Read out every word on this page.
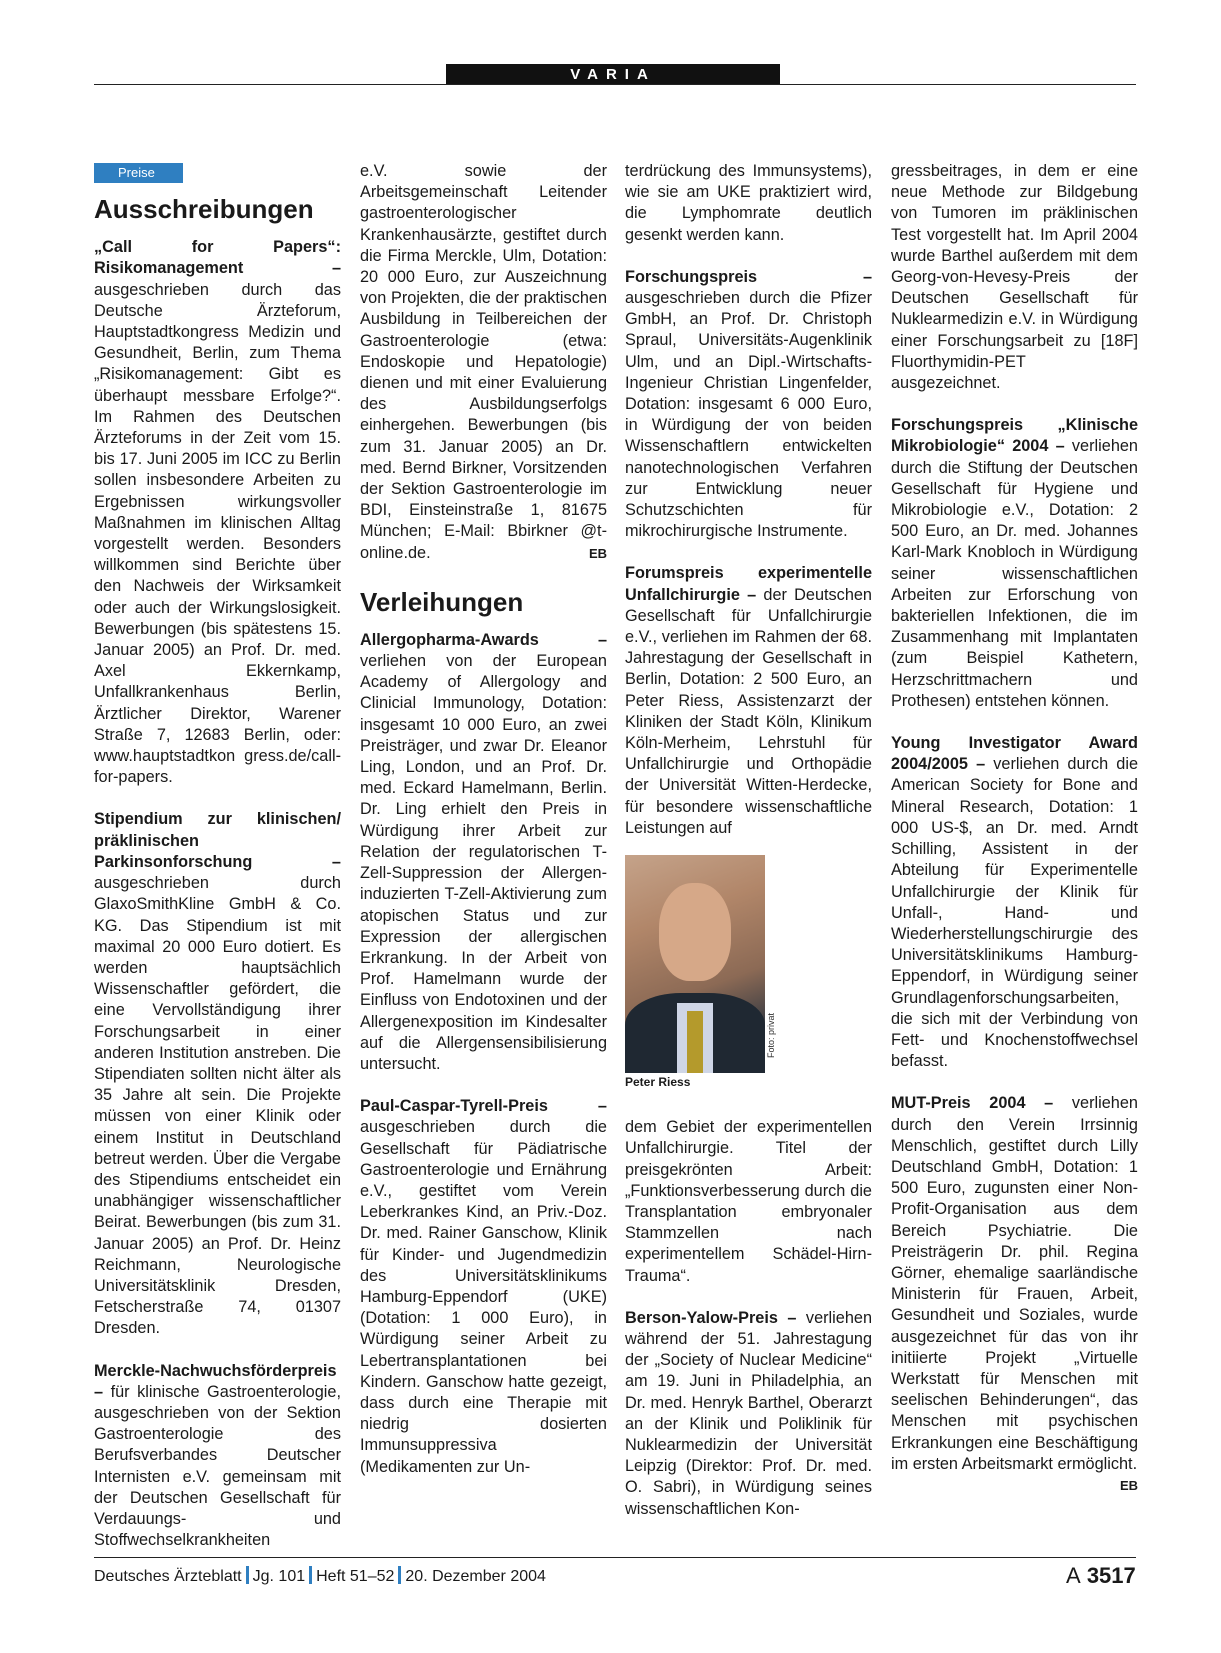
VARIA
Preise
Ausschreibungen

„Call for Papers“: Risikomanagement – ausgeschrieben durch das Deutsche Ärzteforum, Hauptstadtkongress Medizin und Gesundheit, Berlin, zum Thema „Risikomanagement: Gibt es überhaupt messbare Erfolge?“. Im Rahmen des Deutschen Ärzteforums in der Zeit vom 15. bis 17. Juni 2005 im ICC zu Berlin sollen insbesondere Arbeiten zu Ergebnissen wirkungsvoller Maßnahmen im klinischen Alltag vorgestellt werden. Besonders willkommen sind Berichte über den Nachweis der Wirksamkeit oder auch der Wirkungslosigkeit. Bewerbungen (bis spätestens 15. Januar 2005) an Prof. Dr. med. Axel Ekkernkamp, Unfallkrankenhaus Berlin, Ärztlicher Direktor, Warener Straße 7, 12683 Berlin, oder: www.hauptstadtkon gress.de/call-for-papers.

Stipendium zur klinischen/ präklinischen Parkinsonforschung – ausgeschrieben durch GlaxoSmithKline GmbH & Co. KG. Das Stipendium ist mit maximal 20 000 Euro dotiert. Es werden hauptsächlich Wissenschaftler gefördert, die eine Vervollständigung ihrer Forschungsarbeit in einer anderen Institution anstreben. Die Stipendiaten sollten nicht älter als 35 Jahre alt sein. Die Projekte müssen von einer Klinik oder einem Institut in Deutschland betreut werden. Über die Vergabe des Stipendiums entscheidet ein unabhängiger wissenschaftlicher Beirat. Bewerbungen (bis zum 31. Januar 2005) an Prof. Dr. Heinz Reichmann, Neurologische Universitätsklinik Dresden, Fetscherstraße 74, 01307 Dresden.

Merckle-Nachwuchsförderpreis – für klinische Gastroenterologie, ausgeschrieben von der Sektion Gastroenterologie des Berufsverbandes Deutscher Internisten e.V. gemeinsam mit der Deutschen Gesellschaft für Verdauungs- und Stoffwechselkrankheiten

e.V. sowie der Arbeitsgemeinschaft Leitender gastroenterologischer Krankenhausärzte, gestiftet durch die Firma Merckle, Ulm, Dotation: 20 000 Euro, zur Auszeichnung von Projekten, die der praktischen Ausbildung in Teilbereichen der Gastroenterologie (etwa: Endoskopie und Hepatologie) dienen und mit einer Evaluierung des Ausbildungserfolgs einhergehen. Bewerbungen (bis zum 31. Januar 2005) an Dr. med. Bernd Birkner, Vorsitzenden der Sektion Gastroenterologie im BDI, Einsteinstraße 1, 81675 München; E-Mail: Bbirkner @t-online.de.	EB

Verleihungen

Allergopharma-Awards – verliehen von der European Academy of Allergology and Clinicial Immunology, Dotation: insgesamt 10 000 Euro, an zwei Preisträger, und zwar Dr. Eleanor Ling, London, und an Prof. Dr. med. Eckard Hamelmann, Berlin. Dr. Ling erhielt den Preis in Würdigung ihrer Arbeit zur Relation der regulatorischen T-Zell-Suppression der Allergen-induzierten T-Zell-Aktivierung zum atopischen Status und zur Expression der allergischen Erkrankung. In der Arbeit von Prof. Hamelmann wurde der Einfluss von Endotoxinen und der Allergenexposition im Kindesalter auf die Allergensensibilisierung untersucht.

Paul-Caspar-Tyrell-Preis – ausgeschrieben durch die Gesellschaft für Pädiatrische Gastroenterologie und Ernährung e.V., gestiftet vom Verein Leberkrankes Kind, an Priv.-Doz. Dr. med. Rainer Ganschow, Klinik für Kinder- und Jugendmedizin des Universitätsklinikums Hamburg-Eppendorf (UKE) (Dotation: 1 000 Euro), in Würdigung seiner Arbeit zu Lebertransplantationen bei Kindern. Ganschow hatte gezeigt, dass durch eine Therapie mit niedrig dosierten Immunsuppressiva (Medikamenten zur Un-

terdrückung des Immunsystems), wie sie am UKE praktiziert wird, die Lymphomrate deutlich gesenkt werden kann.

Forschungspreis – ausgeschrieben durch die Pfizer GmbH, an Prof. Dr. Christoph Spraul, Universitäts-Augenklinik Ulm, und an Dipl.-Wirtschafts-Ingenieur Christian Lingenfelder, Dotation: insgesamt 6 000 Euro, in Würdigung der von beiden Wissenschaftlern entwickelten nanotechnologischen Verfahren zur Entwicklung neuer Schutzschichten für mikrochirurgische Instrumente.

Forumspreis experimentelle Unfallchirurgie – der Deutschen Gesellschaft für Unfallchirurgie e.V., verliehen im Rahmen der 68. Jahrestagung der Gesellschaft in Berlin, Dotation: 2 500 Euro, an Peter Riess, Assistenzarzt der Kliniken der Stadt Köln, Klinikum Köln-Merheim, Lehrstuhl für Unfallchirurgie und Orthopädie der Universität Witten-Herdecke, für besondere wissenschaftliche Leistungen auf

Peter Riess

dem Gebiet der experimentellen Unfallchirurgie. Titel der preisgekrönten Arbeit: „Funktionsverbesserung durch die Transplantation embryonaler Stammzellen nach experimentellem Schädel-Hirn-Trauma“.

Berson-Yalow-Preis – verliehen während der 51. Jahrestagung der „Society of Nuclear Medicine“ am 19. Juni in Philadelphia, an Dr. med. Henryk Barthel, Oberarzt an der Klinik und Poliklinik für Nuklearmedizin der Universität Leipzig (Direktor: Prof. Dr. med. O. Sabri), in Würdigung seines wissenschaftlichen Kon-

Foto: privat

gressbeitrages, in dem er eine neue Methode zur Bildgebung von Tumoren im präklinischen Test vorgestellt hat. Im April 2004 wurde Barthel außerdem mit dem Georg-von-Hevesy-Preis der Deutschen Gesellschaft für Nuklearmedizin e.V. in Würdigung einer Forschungsarbeit zu [18F] Fluorthymidin-PET ausgezeichnet.

Forschungspreis „Klinische Mikrobiologie“ 2004 – verliehen durch die Stiftung der Deutschen Gesellschaft für Hygiene und Mikrobiologie e.V., Dotation: 2 500 Euro, an Dr. med. Johannes Karl-Mark Knobloch in Würdigung seiner wissenschaftlichen Arbeiten zur Erforschung von bakteriellen Infektionen, die im Zusammenhang mit Implantaten (zum Beispiel Kathetern, Herzschrittmachern und Prothesen) entstehen können.

Young Investigator Award 2004/2005 – verliehen durch die American Society for Bone and Mineral Research, Dotation: 1 000 US-$, an Dr. med. Arndt Schilling, Assistent in der Abteilung für Experimentelle Unfallchirurgie der Klinik für Unfall-, Hand- und Wiederherstellungschirurgie des Universitätsklinikums Hamburg-Eppendorf, in Würdigung seiner Grundlagenforschungsarbeiten, die sich mit der Verbindung von Fett- und Knochenstoffwechsel befasst.

MUT-Preis 2004 – verliehen durch den Verein Irrsinnig Menschlich, gestiftet durch Lilly Deutschland GmbH, Dotation: 1 500 Euro, zugunsten einer Non-Profit-Organisation aus dem Bereich Psychiatrie. Die Preisträgerin Dr. phil. Regina Görner, ehemalige saarländische Ministerin für Frauen, Arbeit, Gesundheit und Soziales, wurde ausgezeichnet für das von ihr initiierte Projekt „Virtuelle Werkstatt für Menschen mit seelischen Behinderungen“, das Menschen mit psychischen Erkrankungen eine Beschäftigung im ersten Arbeitsmarkt ermöglicht.
EB

Deutsches Ärzteblatt Jg. 101 Heft 51–52 20. Dezember 2004	A 3517
